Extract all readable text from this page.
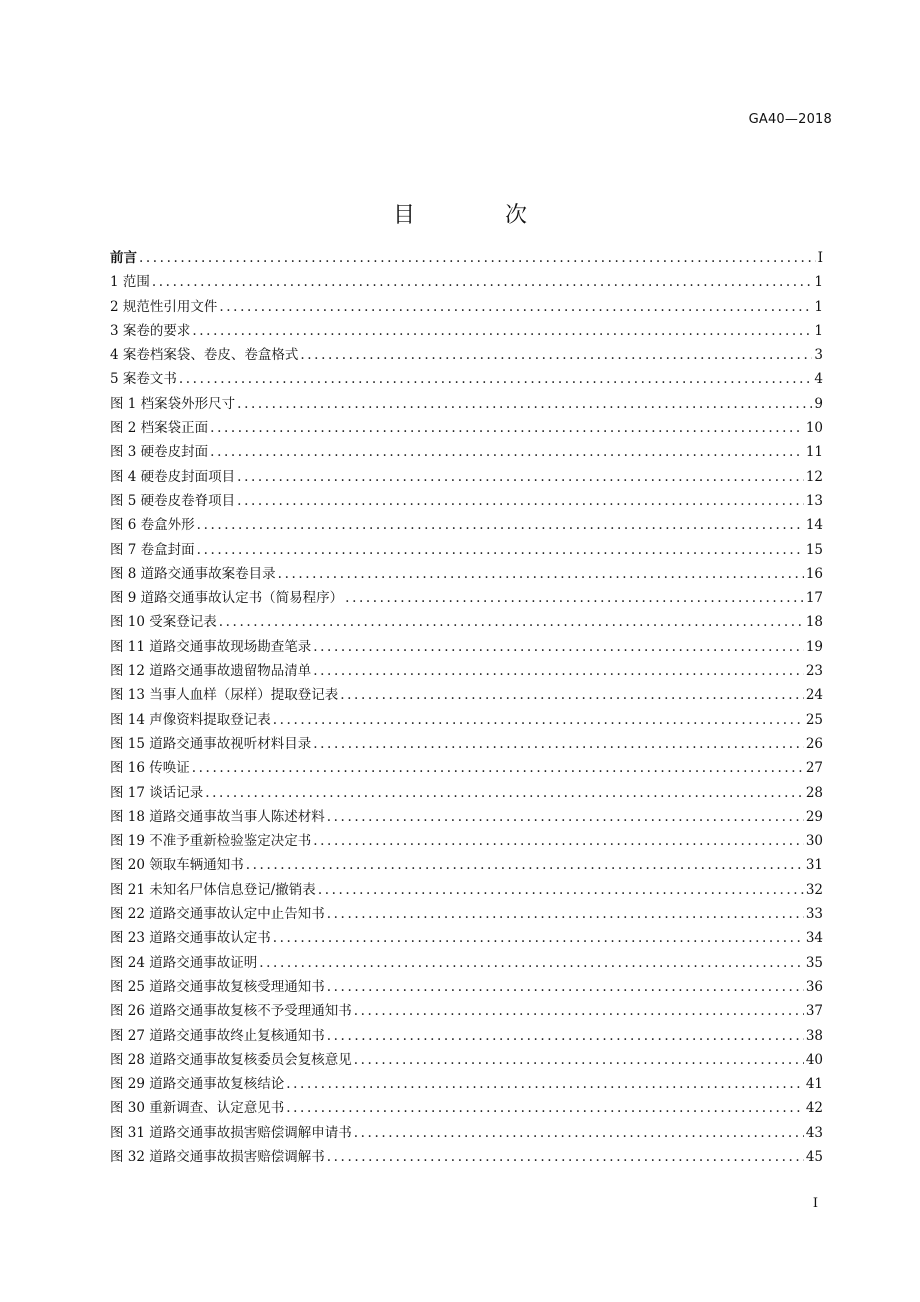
GA40—2018
目　次
前言 .....	I
1 范围 .....	1
2 规范性引用文件 .....	1
3 案卷的要求 .....	1
4 案卷档案袋、卷皮、卷盒格式 .....	3
5 案卷文书 .....	4
图 1 档案袋外形尺寸 .....	9
图 2 档案袋正面 .....	10
图 3 硬卷皮封面 .....	11
图 4 硬卷皮封面项目 .....	12
图 5 硬卷皮卷脊项目 .....	13
图 6 卷盒外形 .....	14
图 7 卷盒封面 .....	15
图 8 道路交通事故案卷目录 .....	16
图 9 道路交通事故认定书（简易程序） .....	17
图 10 受案登记表 .....	18
图 11 道路交通事故现场勘查笔录 .....	19
图 12 道路交通事故遗留物品清单 .....	23
图 13 当事人血样（尿样）提取登记表 .....	24
图 14 声像资料提取登记表 .....	25
图 15 道路交通事故视听材料目录 .....	26
图 16 传唤证 .....	27
图 17 谈话记录 .....	28
图 18 道路交通事故当事人陈述材料 .....	29
图 19 不准予重新检验鉴定决定书 .....	30
图 20 领取车辆通知书 .....	31
图 21 未知名尸体信息登记/撤销表 .....	32
图 22 道路交通事故认定中止告知书 .....	33
图 23 道路交通事故认定书 .....	34
图 24 道路交通事故证明 .....	35
图 25 道路交通事故复核受理通知书 .....	36
图 26 道路交通事故复核不予受理通知书 .....	37
图 27 道路交通事故终止复核通知书 .....	38
图 28 道路交通事故复核委员会复核意见 .....	40
图 29 道路交通事故复核结论 .....	41
图 30 重新调查、认定意见书 .....	42
图 31 道路交通事故损害赔偿调解申请书 .....	43
图 32 道路交通事故损害赔偿调解书 .....	45
I
